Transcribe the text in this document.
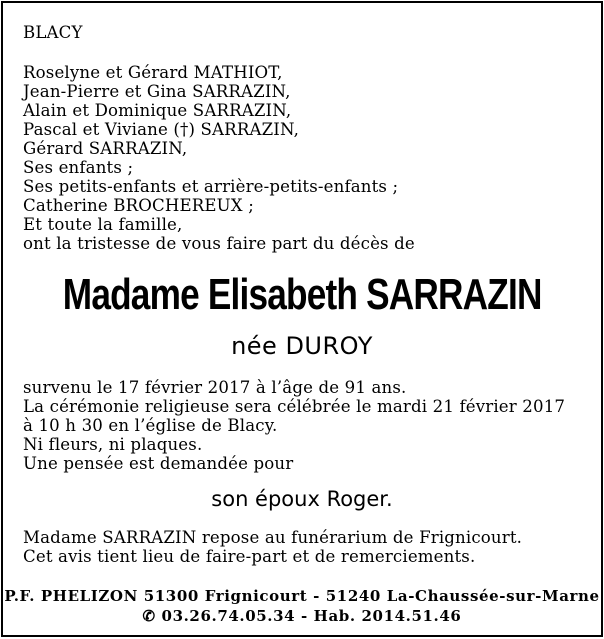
BLACY
Roselyne et Gérard MATHIOT,
Jean-Pierre et Gina SARRAZIN,
Alain et Dominique SARRAZIN,
Pascal et Viviane (†) SARRAZIN,
Gérard SARRAZIN,
Ses enfants ;
Ses petits-enfants et arrière-petits-enfants ;
Catherine BROCHEREUX ;
Et toute la famille,
ont la tristesse de vous faire part du décès de
Madame Elisabeth SARRAZIN
née DUROY
survenu le 17 février 2017 à l’âge de 91 ans.
La cérémonie religieuse sera célébrée le mardi 21 février 2017
à 10 h 30 en l’église de Blacy.
Ni fleurs, ni plaques.
Une pensée est demandée pour
son époux Roger.
Madame SARRAZIN repose au funérarium de Frignicourt.
Cet avis tient lieu de faire-part et de remerciements.
P.F. PHELIZON 51300 Frignicourt - 51240 La-Chaussée-sur-Marne
✆ 03.26.74.05.34 - Hab. 2014.51.46
